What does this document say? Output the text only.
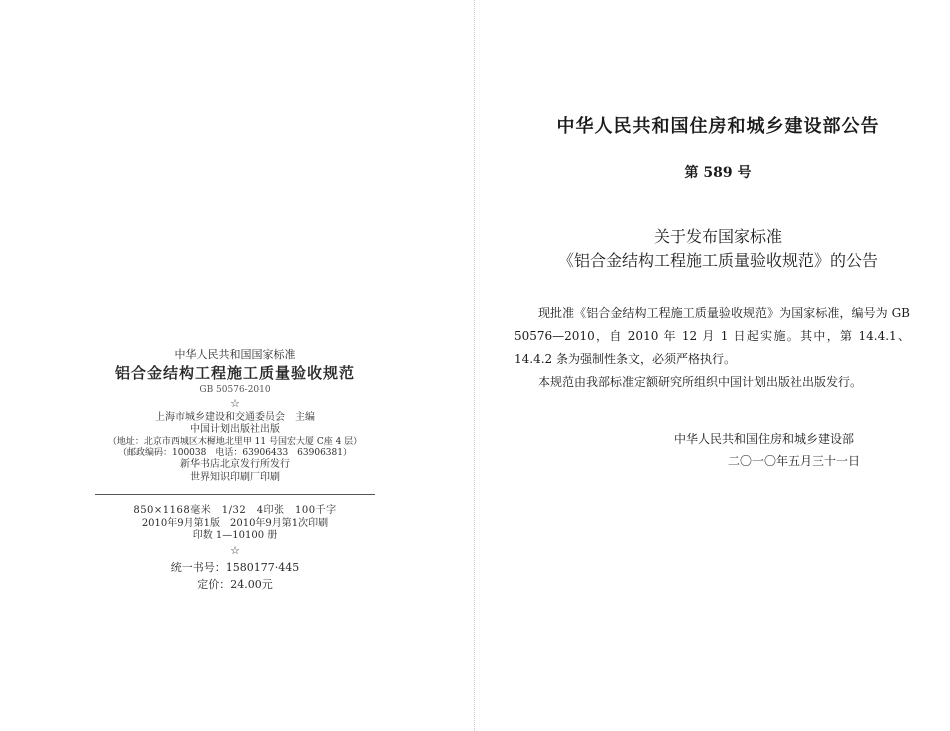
中华人民共和国国家标准
铝合金结构工程施工质量验收规范
GB 50576-2010
☆
上海市城乡建设和交通委员会　主编
中国计划出版社出版
（地址：北京市西城区木樨地北里甲 11 号国宏大厦 C座 4 层）
（邮政编码：100038　电话：63906433　63906381）
新华书店北京发行所发行
世界知识印刷厂印刷
850×1168毫米　1/32　4印张　100千字
2010年9月第1版　2010年9月第1次印刷
印数 1—10100 册
☆
统一书号：1580177·445
定价：24.00元
中华人民共和国住房和城乡建设部公告
第 589 号
关于发布国家标准
《铝合金结构工程施工质量验收规范》的公告

现批准《铝合金结构工程施工质量验收规范》为国家标准，编号为 GB 50576—2010，自 2010 年 12 月 1 日起实施。其中，第 14.4.1、14.4.2 条为强制性条文，必须严格执行。

本规范由我部标准定额研究所组织中国计划出版社出版发行。

中华人民共和国住房和城乡建设部
二〇一〇年五月三十一日
